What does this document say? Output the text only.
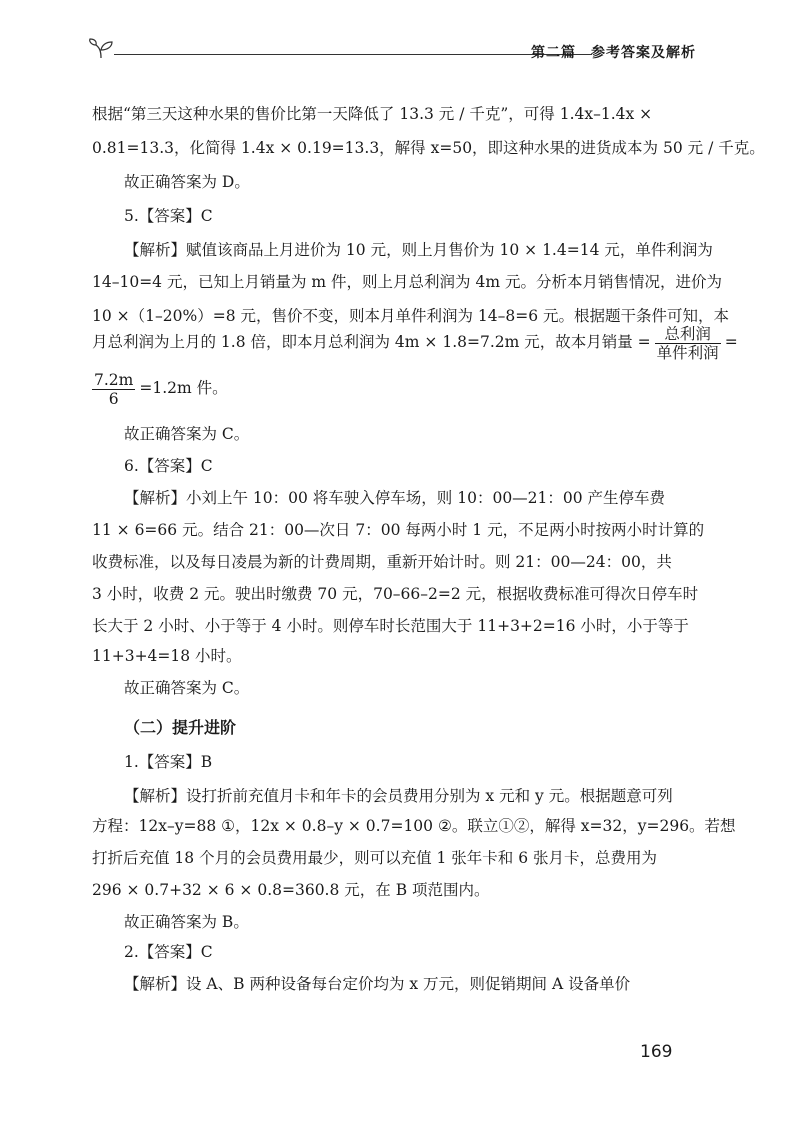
第二篇　参考答案及解析
根据“第三天这种水果的售价比第一天降低了 13.3 元 / 千克”，可得 1.4x–1.4x ×
0.81=13.3，化简得 1.4x × 0.19=13.3，解得 x=50，即这种水果的进货成本为 50 元 / 千克。
故正确答案为 D。
5.【答案】C
【解析】赋值该商品上月进价为 10 元，则上月售价为 10 × 1.4=14 元，单件利润为
14–10=4 元，已知上月销量为 m 件，则上月总利润为 4m 元。分析本月销售情况，进价为
10 ×（1–20%）=8 元，售价不变，则本月单件利润为 14–8=6 元。根据题干条件可知，本
月总利润为上月的 1.8 倍，即本月总利润为 4m × 1.8=7.2m 元，故本月销量 = $\frac{\text{总利润}}{\text{单件利润}}$ =
$\frac{7.2m}{6} =1.2m$ 件。
故正确答案为 C。
6.【答案】C
【解析】小刘上午 10：00 将车驶入停车场，则 10：00—21：00 产生停车费
11 × 6=66 元。结合 21：00—次日 7：00 每两小时 1 元，不足两小时按两小时计算的
收费标准，以及每日凌晨为新的计费周期，重新开始计时。则 21：00—24：00，共
3 小时，收费 2 元。驶出时缴费 70 元，70–66–2=2 元，根据收费标准可得次日停车时
长大于 2 小时、小于等于 4 小时。则停车时长范围大于 11+3+2=16 小时，小于等于
11+3+4=18 小时。
故正确答案为 C。
（二）提升进阶
1.【答案】B
【解析】设打折前充值月卡和年卡的会员费用分别为 x 元和 y 元。根据题意可列
方程：12x–y=88 ①，12x × 0.8–y × 0.7=100 ②。联立①②，解得 x=32，y=296。若想
打折后充值 18 个月的会员费用最少，则可以充值 1 张年卡和 6 张月卡，总费用为
296 × 0.7+32 × 6 × 0.8=360.8 元，在 B 项范围内。
故正确答案为 B。
2.【答案】C
【解析】设 A、B 两种设备每台定价均为 x 万元，则促销期间 A 设备单价
169
